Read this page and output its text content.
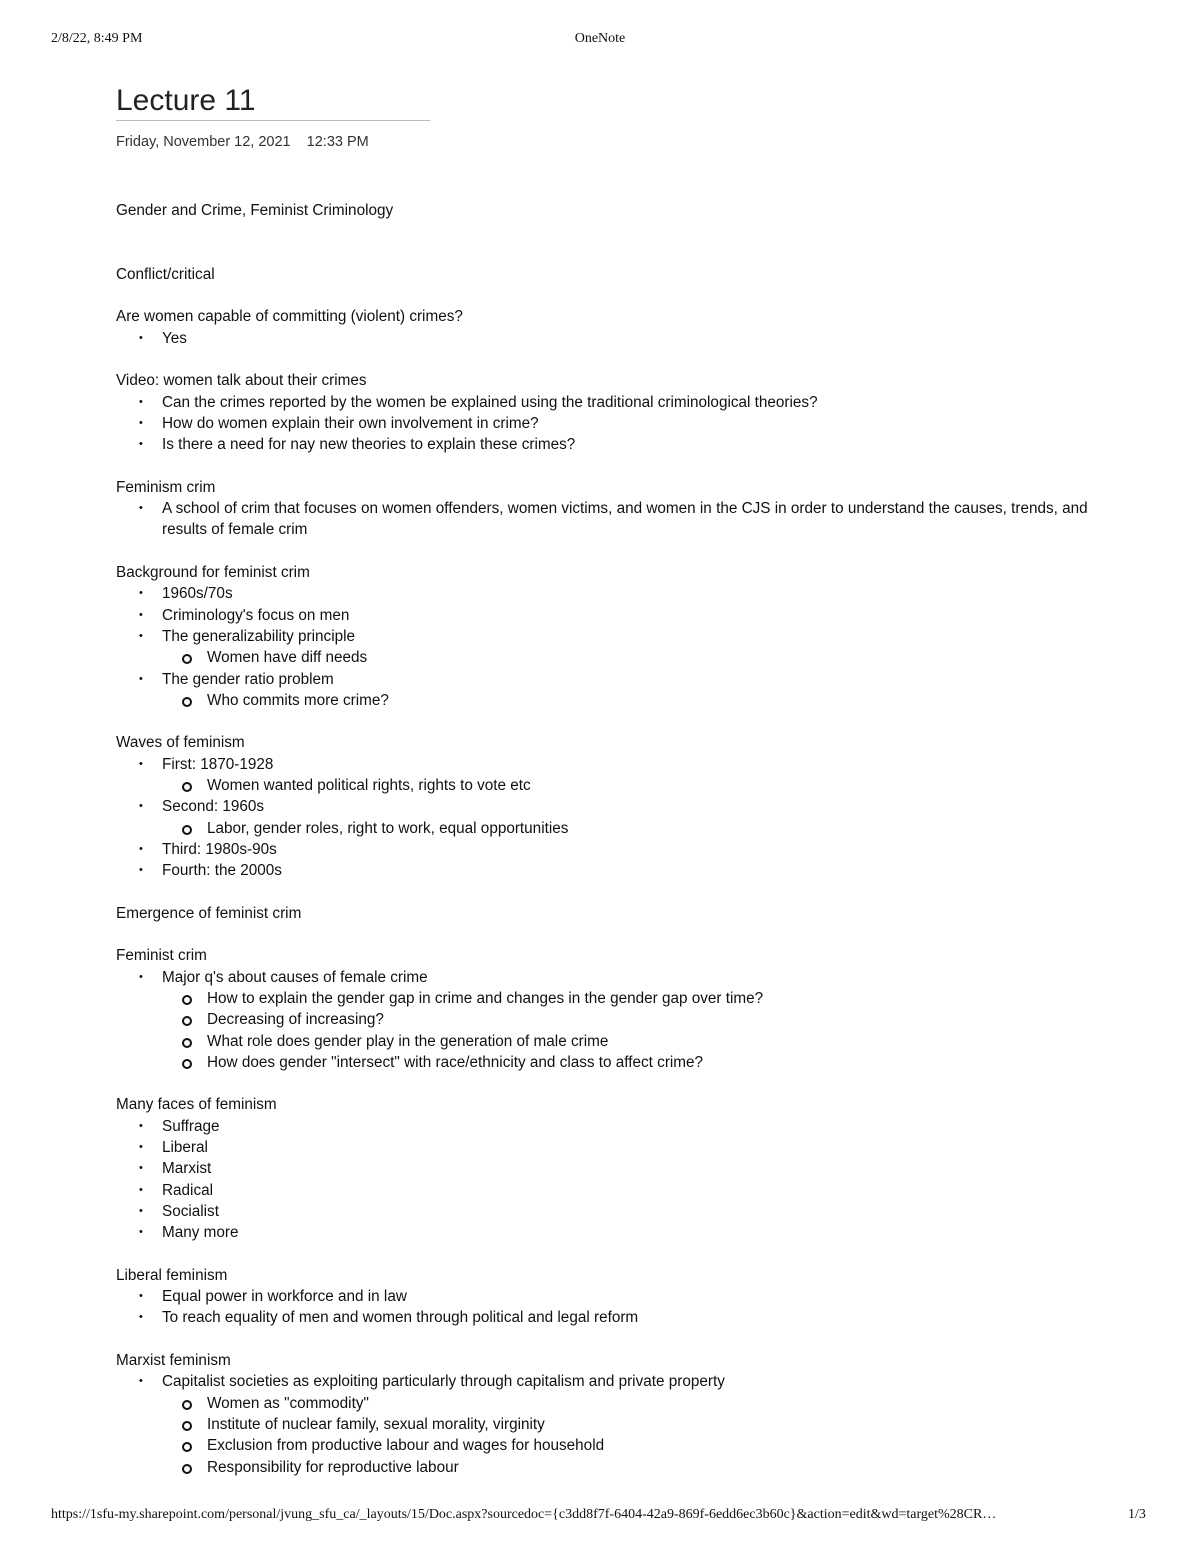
2/8/22, 8:49 PM	OneNote
Lecture 11
Friday, November 12, 2021 12:33 PM

Gender and Crime, Feminist Criminology

Conflict/critical

Are women capable of committing (violent) crimes?

• Yes

Video: women talk about their crimes

• Can the crimes reported by the women be explained using the traditional criminological theories?
• How do women explain their own involvement in crime?
• Is there a need for nay new theories to explain these crimes?

Feminism crim

• A school of crim that focuses on women offenders, women victims, and women in the CJS in order to understand the causes, trends, and results of female crim

Background for feminist crim

• 1960s/70s
• Criminology's focus on men
• The generalizability principle
Women have diff needs
• The gender ratio problem
Who commits more crime?

Waves of feminism

• First: 1870-1928
Women wanted political rights, rights to vote etc
• Second: 1960s
Labor, gender roles, right to work, equal opportunities
• Third: 1980s-90s
• Fourth: the 2000s

Emergence of feminist crim

Feminist crim

• Major q's about causes of female crime
How to explain the gender gap in crime and changes in the gender gap over time?
Decreasing of increasing?
What role does gender play in the generation of male crime
How does gender "intersect" with race/ethnicity and class to affect crime?

Many faces of feminism

• Suffrage
• Liberal
• Marxist
• Radical
• Socialist
• Many more

Liberal feminism

• Equal power in workforce and in law
• To reach equality of men and women through political and legal reform

Marxist feminism

• Capitalist societies as exploiting particularly through capitalism and private property
Women as "commodity"
Institute of nuclear family, sexual morality, virginity
Exclusion from productive labour and wages for household
Responsibility for reproductive labour
https://1sfu-my.sharepoint.com/personal/jvung_sfu_ca/_layouts/15/Doc.aspx?sourcedoc={c3dd8f7f-6404-42a9-869f-6edd6ec3b60c}&action=edit&wd=target%28CR…	1/3
